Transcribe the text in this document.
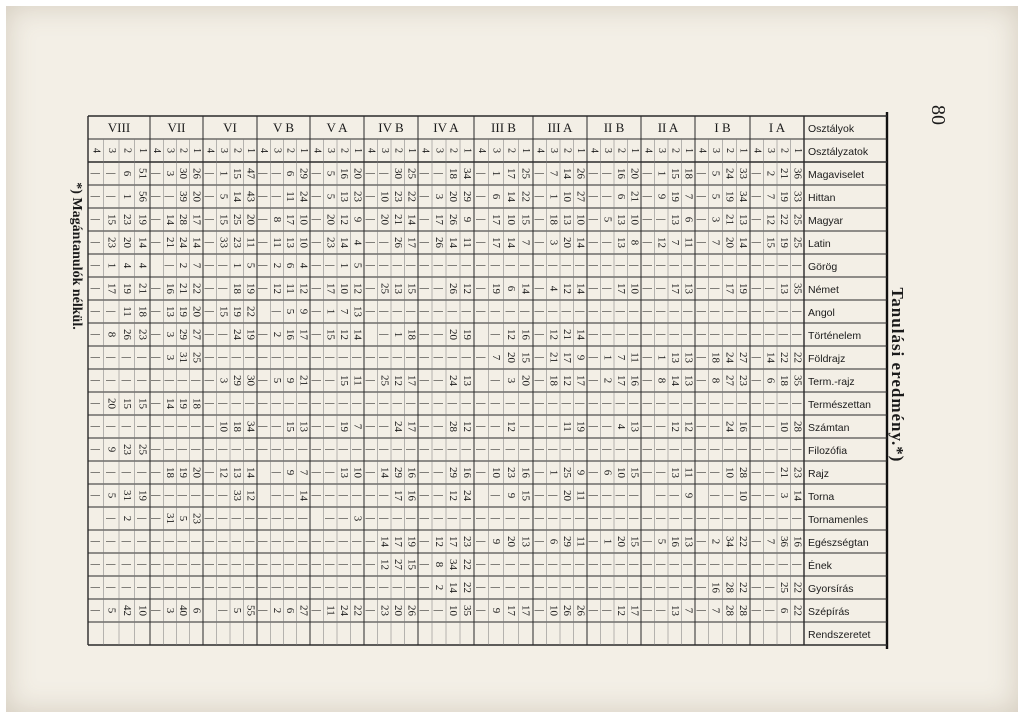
80
Tanulási eredmény.*)
*) Magántanulók nélkül.
Osztályok
Osztályzatok
Magaviselet
Hittan
Magyar
Latin
Görög
Német
Angol
Történelem
Földrajz
Term.-rajz
Természettan
Számtan
Filozófia
Rajz
Torna
Tornamenles
Egészségtan
Ének
Gyorsírás
Szépírás
Rendszeretet
I A
1
2
3
4
36
21
2
|
33
19
7
|
25
22
12
|
25
19
15
|
|
|
|
|
35
13
|
|
|
|
|
|
|
|
|
|
22
22
14
|
35
18
6
|
|
|
|
|
28
10
|
|
|
|
|
|
23
21
|
|
14
3
|
|
|
|
|
|
16
36
7
|
|
|
|
|
22
25
|
|
22
6
|
|
I B
1
2
3
4
33
24
5
|
34
19
5
|
13
21
3
|
14
20
7
|
|
|
|
|
19
17
|
|
|
|
|
|
|
|
|
|
27
24
18
|
23
27
8
|
|
|
|
|
16
24
|
|
|
|
|
|
28
10
|
|
10
|
|
|
|
|
|
22
34
2
|
|
|
|
|
22
28
16
|
28
28
7
|
II A
1
2
3
4
18
15
1
|
7
19
9
|
6
13
|
|
11
7
12
|
|
|
|
|
13
17
|
|
|
|
|
|
|
|
|
|
13
13
1
|
13
14
8
|
|
|
|
|
12
12
|
|
|
|
|
|
11
13
|
|
9
|
|
|
|
|
|
13
16
5
|
|
|
|
|
|
|
|
|
7
13
|
|
II B
1
2
3
4
20
16
|
|
21
6
|
|
10
13
5
|
8
13
|
|
|
|
|
|
10
17
|
|
|
|
|
|
|
|
|
|
11
7
1
|
16
17
2
|
|
|
|
|
13
4
|
|
|
|
|
|
15
10
6
|
|
|
|
|
|
|
|
|
15
20
1
|
|
|
|
|
|
|
|
|
17
12
|
|
III A
1
2
3
4
26
14
7
|
27
10
1
|
10
13
18
|
14
20
3
|
|
|
|
|
14
12
4
|
|
|
|
|
14
21
12
|
9
17
21
|
17
12
18
|
|
|
|
|
19
11
|
|
|
|
|
|
9
25
1
|
11
20
|
|
|
|
|
|
11
29
6
|
|
|
|
|
|
|
|
|
26
26
10
|
III B
1
2
3
4
25
17
1
|
22
14
6
|
15
10
17
|
7
14
17
|
|
|
|
|
14
6
19
|
|
|
|
|
16
12
|
15
20
7
|
20
3
|
|
|
|
|
|
12
|
|
|
|
|
|
16
23
10
|
15
9
|
|
|
|
|
13
20
9
|
|
|
|
|
|
|
|
|
17
17
9
|
IV A
1
2
3
4
34
18
|
|
29
20
3
|
9
26
17
|
11
14
26
|
|
|
|
|
12
26
|
|
|
|
|
|
19
20
|
|
|
|
|
|
13
24
|
|
|
|
|
|
12
28
|
|
|
|
|
|
16
29
|
|
24
12
|
|
|
|
|
|
23
17
12
|
22
34
8
|
22
14
2
|
35
10
|
|
IV B
1
2
3
4
25
30
|
|
22
23
10
|
14
21
20
|
17
26
|
|
|
|
|
|
15
13
25
|
|
|
|
|
18
1
|
|
|
|
|
17
12
25
|
|
|
|
|
17
24
|
|
|
|
|
|
16
29
14
|
16
17
|
|
|
|
|
|
19
17
14
|
15
27
12
|
|
|
|
|
26
20
23
|
V A
1
2
3
4
20
16
5
|
23
13
5
|
9
12
20
|
4
14
23
|
5
1
|
|
12
10
17
|
13
7
1
|
14
12
15
|
|
|
|
|
11
15
|
|
|
|
|
|
7
19
|
|
|
|
|
|
10
13
|
|
|
|
|
|
3
|
|
|
|
|
|
|
|
|
|
|
|
|
|
22
24
11
|
V B
1
2
3
4
29
6
|
|
24
11
|
|
10
17
8
|
10
13
11
|
4
6
2
|
12
11
12
|
9
5
|
17
16
2
|
|
|
|
|
21
9
5
|
|
|
|
|
13
15
|
|
|
|
|
|
7
9
|
14
|
|
|
|
|
|
|
|
|
|
|
|
|
|
|
|
|
|
27
6
2
|
VI
1
2
3
4
47
15
1
|
43
14
5
|
20
25
15
|
11
23
33
|
5
1
|
|
19
18
|
|
22
19
15
|
19
24
|
|
|
|
|
|
30
29
3
|
|
|
|
|
34
18
10
|
|
|
|
|
14
13
12
|
12
33
|
|
|
|
|
|
|
|
|
|
|
|
|
|
|
|
|
|
55
5
|
VII
1
2
3
4
26
30
3
|
20
39
|
|
17
28
14
|
14
24
21
|
7
2
|
22
21
16
|
20
19
13
|
27
29
3
|
25
31
3
|
|
|
|
|
18
19
14
|
|
|
|
|
|
|
|
|
20
19
18
|
|
|
|
|
23
5
31
|
|
|
|
|
|
|
|
|
|
|
|
|
6
40
3
|
VIII
1
2
3
4
51
6
|
|
56
1
|
|
19
23
15
|
14
20
23
|
4
4
1
|
21
19
17
|
18
11
|
|
23
26
8
|
|
|
|
|
|
|
|
|
15
15
20
|
|
|
|
|
25
23
9
|
|
|
|
|
19
31
5
|
|
2
|
|
|
|
|
|
|
|
|
|
|
|
|
10
42
5
|
